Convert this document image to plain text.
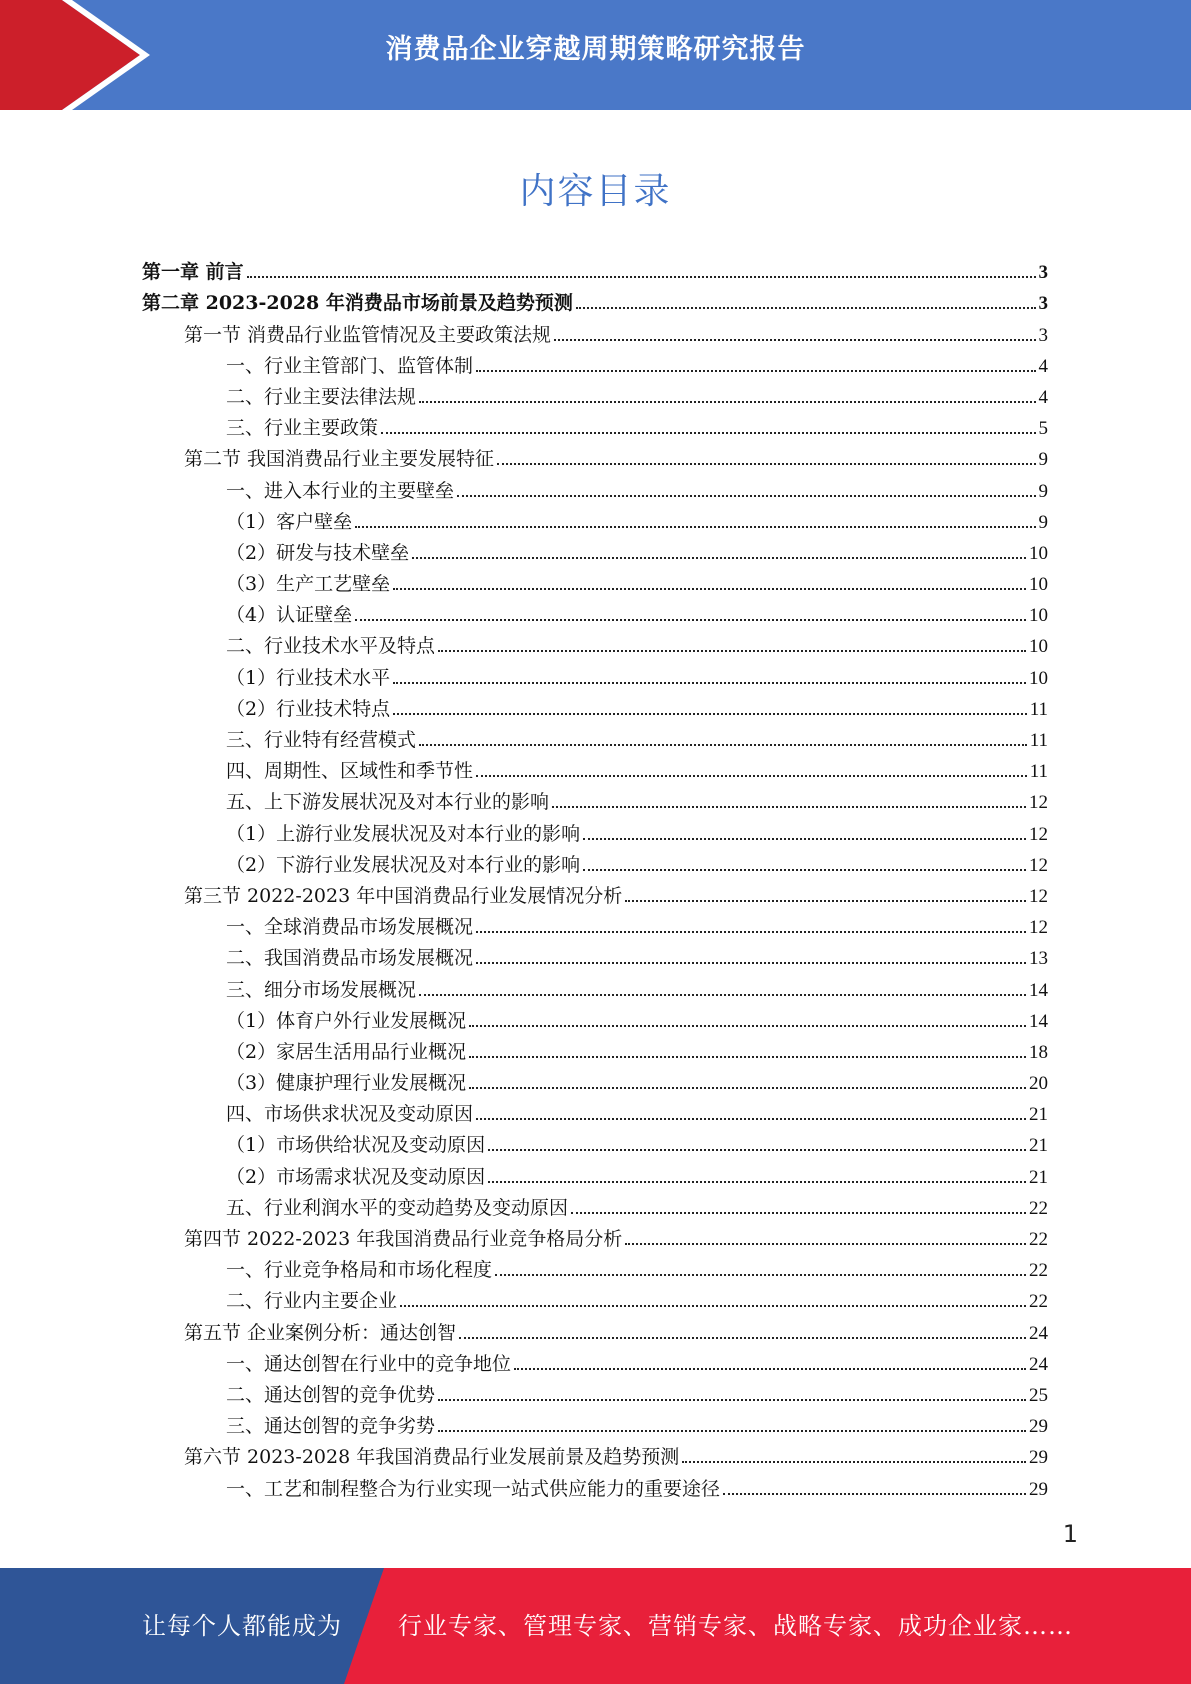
消费品企业穿越周期策略研究报告
内容目录
第一章 前言	3
第二章 2023-2028 年消费品市场前景及趋势预测	3
第一节 消费品行业监管情况及主要政策法规	3
一、行业主管部门、监管体制	4
二、行业主要法律法规	4
三、行业主要政策	5
第二节 我国消费品行业主要发展特征	9
一、进入本行业的主要壁垒	9
（1）客户壁垒	9
（2）研发与技术壁垒	10
（3）生产工艺壁垒	10
（4）认证壁垒	10
二、行业技术水平及特点	10
（1）行业技术水平	10
（2）行业技术特点	11
三、行业特有经营模式	11
四、周期性、区域性和季节性	11
五、上下游发展状况及对本行业的影响	12
（1）上游行业发展状况及对本行业的影响	12
（2）下游行业发展状况及对本行业的影响	12
第三节 2022-2023 年中国消费品行业发展情况分析	12
一、全球消费品市场发展概况	12
二、我国消费品市场发展概况	13
三、细分市场发展概况	14
（1）体育户外行业发展概况	14
（2）家居生活用品行业概况	18
（3）健康护理行业发展概况	20
四、市场供求状况及变动原因	21
（1）市场供给状况及变动原因	21
（2）市场需求状况及变动原因	21
五、行业利润水平的变动趋势及变动原因	22
第四节 2022-2023 年我国消费品行业竞争格局分析	22
一、行业竞争格局和市场化程度	22
二、行业内主要企业	22
第五节 企业案例分析：通达创智	24
一、通达创智在行业中的竞争地位	24
二、通达创智的竞争优势	25
三、通达创智的竞争劣势	29
第六节 2023-2028 年我国消费品行业发展前景及趋势预测	29
一、工艺和制程整合为行业实现一站式供应能力的重要途径	29
1
让每个人都能成为 行业专家、管理专家、营销专家、战略专家、成功企业家……
